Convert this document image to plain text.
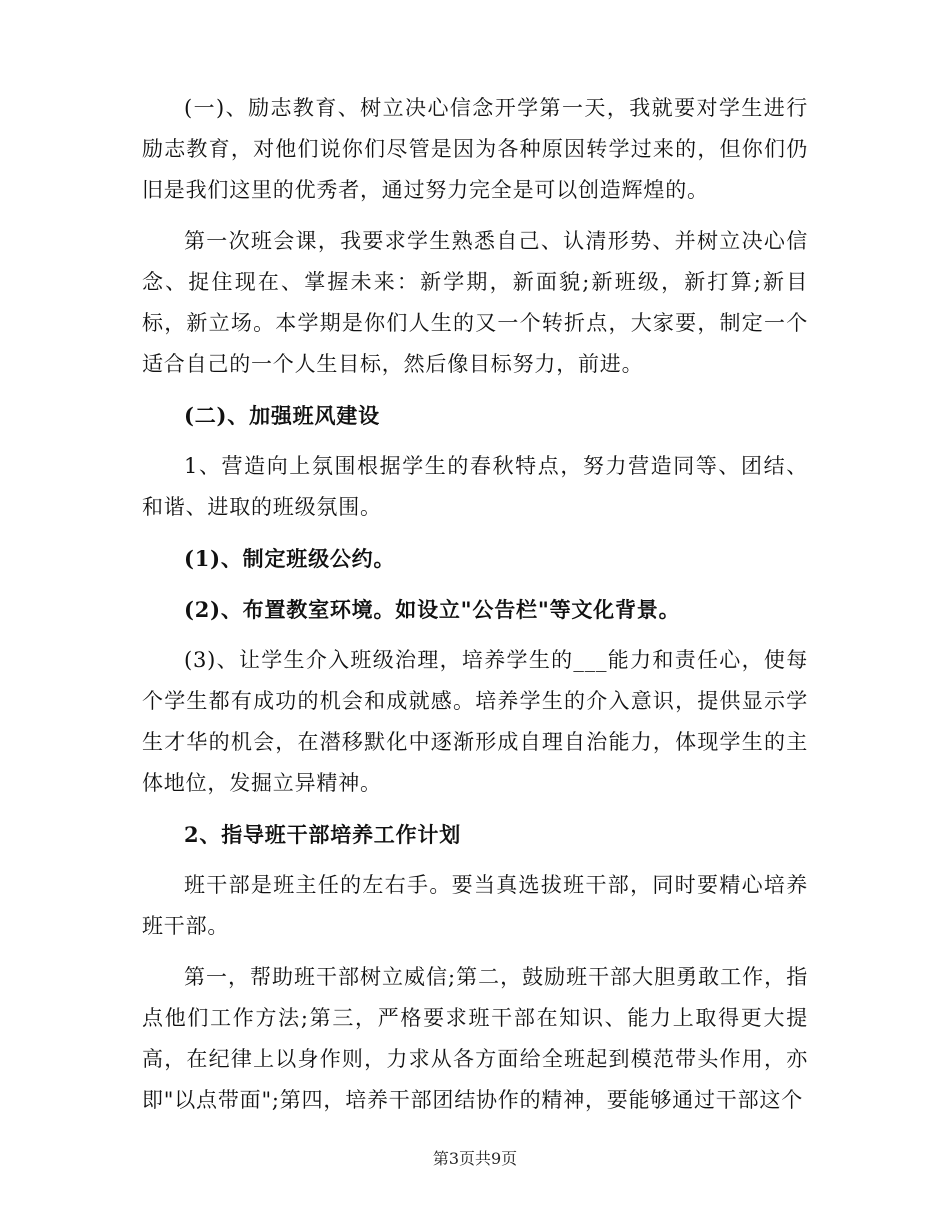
(一)、励志教育、树立决心信念开学第一天，我就要对学生进行励志教育，对他们说你们尽管是因为各种原因转学过来的，但你们仍旧是我们这里的优秀者，通过努力完全是可以创造辉煌的。

第一次班会课，我要求学生熟悉自己、认清形势、并树立决心信念、捉住现在、掌握未来：新学期，新面貌;新班级，新打算;新目标，新立场。本学期是你们人生的又一个转折点，大家要，制定一个适合自己的一个人生目标，然后像目标努力，前进。

(二)、加强班风建设

1、营造向上氛围根据学生的春秋特点，努力营造同等、团结、和谐、进取的班级氛围。

(1)、制定班级公约。

(2)、布置教室环境。如设立"公告栏"等文化背景。

(3)、让学生介入班级治理，培养学生的___能力和责任心，使每个学生都有成功的机会和成就感。培养学生的介入意识，提供显示学生才华的机会，在潜移默化中逐渐形成自理自治能力，体现学生的主体地位，发掘立异精神。

2、指导班干部培养工作计划

班干部是班主任的左右手。要当真选拔班干部，同时要精心培养班干部。

第一，帮助班干部树立威信;第二，鼓励班干部大胆勇敢工作，指点他们工作方法;第三，严格要求班干部在知识、能力上取得更大提高，在纪律上以身作则，力求从各方面给全班起到模范带头作用，亦即"以点带面";第四，培养干部团结协作的精神，要能够通过干部这个

第3页共9页
